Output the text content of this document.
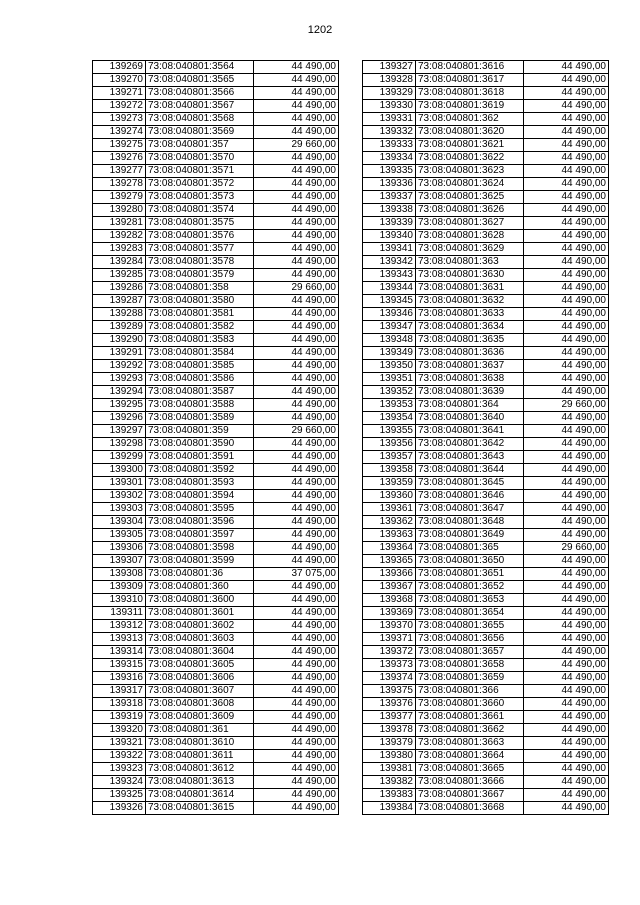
1202
139269	73:08:040801:3564	44 490,00
139270	73:08:040801:3565	44 490,00
139271	73:08:040801:3566	44 490,00
139272	73:08:040801:3567	44 490,00
139273	73:08:040801:3568	44 490,00
139274	73:08:040801:3569	44 490,00
139275	73:08:040801:357	29 660,00
139276	73:08:040801:3570	44 490,00
139277	73:08:040801:3571	44 490,00
139278	73:08:040801:3572	44 490,00
139279	73:08:040801:3573	44 490,00
139280	73:08:040801:3574	44 490,00
139281	73:08:040801:3575	44 490,00
139282	73:08:040801:3576	44 490,00
139283	73:08:040801:3577	44 490,00
139284	73:08:040801:3578	44 490,00
139285	73:08:040801:3579	44 490,00
139286	73:08:040801:358	29 660,00
139287	73:08:040801:3580	44 490,00
139288	73:08:040801:3581	44 490,00
139289	73:08:040801:3582	44 490,00
139290	73:08:040801:3583	44 490,00
139291	73:08:040801:3584	44 490,00
139292	73:08:040801:3585	44 490,00
139293	73:08:040801:3586	44 490,00
139294	73:08:040801:3587	44 490,00
139295	73:08:040801:3588	44 490,00
139296	73:08:040801:3589	44 490,00
139297	73:08:040801:359	29 660,00
139298	73:08:040801:3590	44 490,00
139299	73:08:040801:3591	44 490,00
139300	73:08:040801:3592	44 490,00
139301	73:08:040801:3593	44 490,00
139302	73:08:040801:3594	44 490,00
139303	73:08:040801:3595	44 490,00
139304	73:08:040801:3596	44 490,00
139305	73:08:040801:3597	44 490,00
139306	73:08:040801:3598	44 490,00
139307	73:08:040801:3599	44 490,00
139308	73:08:040801:36	37 075,00
139309	73:08:040801:360	44 490,00
139310	73:08:040801:3600	44 490,00
139311	73:08:040801:3601	44 490,00
139312	73:08:040801:3602	44 490,00
139313	73:08:040801:3603	44 490,00
139314	73:08:040801:3604	44 490,00
139315	73:08:040801:3605	44 490,00
139316	73:08:040801:3606	44 490,00
139317	73:08:040801:3607	44 490,00
139318	73:08:040801:3608	44 490,00
139319	73:08:040801:3609	44 490,00
139320	73:08:040801:361	44 490,00
139321	73:08:040801:3610	44 490,00
139322	73:08:040801:3611	44 490,00
139323	73:08:040801:3612	44 490,00
139324	73:08:040801:3613	44 490,00
139325	73:08:040801:3614	44 490,00
139326	73:08:040801:3615	44 490,00
139327	73:08:040801:3616	44 490,00
139328	73:08:040801:3617	44 490,00
139329	73:08:040801:3618	44 490,00
139330	73:08:040801:3619	44 490,00
139331	73:08:040801:362	44 490,00
139332	73:08:040801:3620	44 490,00
139333	73:08:040801:3621	44 490,00
139334	73:08:040801:3622	44 490,00
139335	73:08:040801:3623	44 490,00
139336	73:08:040801:3624	44 490,00
139337	73:08:040801:3625	44 490,00
139338	73:08:040801:3626	44 490,00
139339	73:08:040801:3627	44 490,00
139340	73:08:040801:3628	44 490,00
139341	73:08:040801:3629	44 490,00
139342	73:08:040801:363	44 490,00
139343	73:08:040801:3630	44 490,00
139344	73:08:040801:3631	44 490,00
139345	73:08:040801:3632	44 490,00
139346	73:08:040801:3633	44 490,00
139347	73:08:040801:3634	44 490,00
139348	73:08:040801:3635	44 490,00
139349	73:08:040801:3636	44 490,00
139350	73:08:040801:3637	44 490,00
139351	73:08:040801:3638	44 490,00
139352	73:08:040801:3639	44 490,00
139353	73:08:040801:364	29 660,00
139354	73:08:040801:3640	44 490,00
139355	73:08:040801:3641	44 490,00
139356	73:08:040801:3642	44 490,00
139357	73:08:040801:3643	44 490,00
139358	73:08:040801:3644	44 490,00
139359	73:08:040801:3645	44 490,00
139360	73:08:040801:3646	44 490,00
139361	73:08:040801:3647	44 490,00
139362	73:08:040801:3648	44 490,00
139363	73:08:040801:3649	44 490,00
139364	73:08:040801:365	29 660,00
139365	73:08:040801:3650	44 490,00
139366	73:08:040801:3651	44 490,00
139367	73:08:040801:3652	44 490,00
139368	73:08:040801:3653	44 490,00
139369	73:08:040801:3654	44 490,00
139370	73:08:040801:3655	44 490,00
139371	73:08:040801:3656	44 490,00
139372	73:08:040801:3657	44 490,00
139373	73:08:040801:3658	44 490,00
139374	73:08:040801:3659	44 490,00
139375	73:08:040801:366	44 490,00
139376	73:08:040801:3660	44 490,00
139377	73:08:040801:3661	44 490,00
139378	73:08:040801:3662	44 490,00
139379	73:08:040801:3663	44 490,00
139380	73:08:040801:3664	44 490,00
139381	73:08:040801:3665	44 490,00
139382	73:08:040801:3666	44 490,00
139383	73:08:040801:3667	44 490,00
139384	73:08:040801:3668	44 490,00
